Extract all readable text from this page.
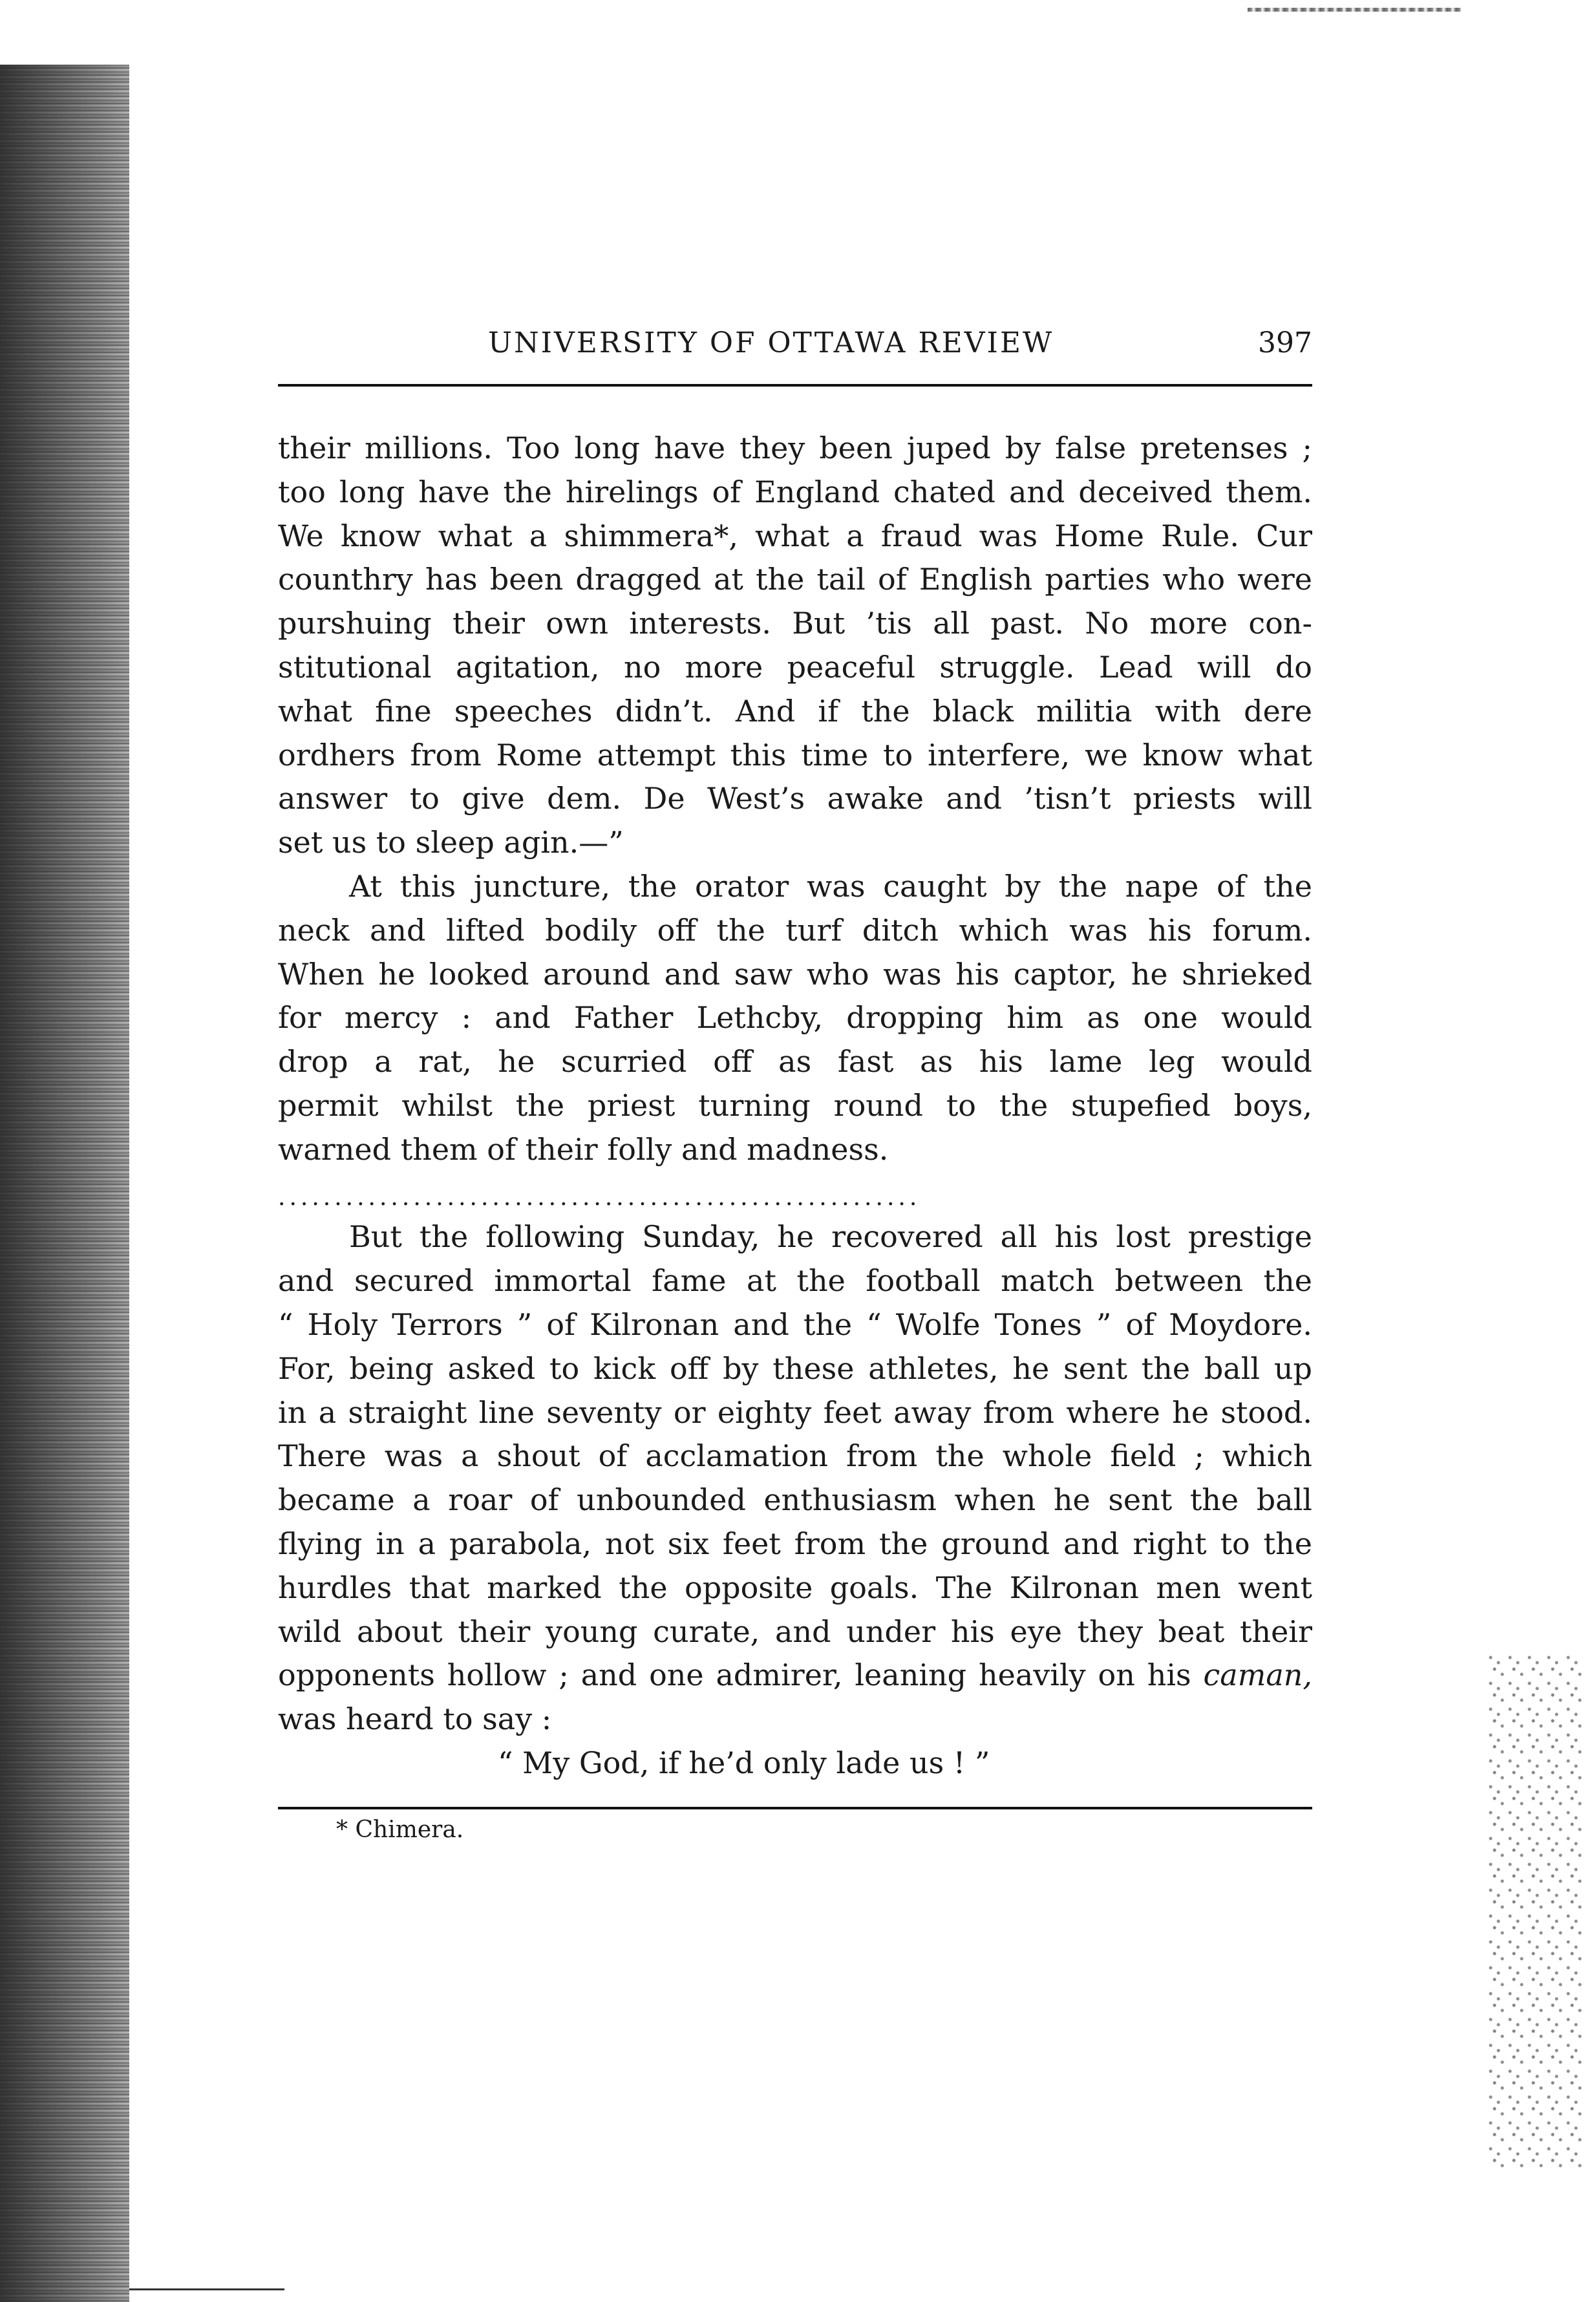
UNIVERSITY OF OTTAWA REVIEW	397
their millions. Too long have they been juped by false pretenses ;
too long have the hirelings of England chated and deceived them.
We know what a shimmera*, what a fraud was Home Rule. Cur
counthry has been dragged at the tail of English parties who were
purshuing their own interests. But ’tis all past. No more con-
stitutional agitation, no more peaceful struggle. Lead will do
what fine speeches didn’t. And if the black militia with dere
ordhers from Rome attempt this time to interfere, we know what
answer to give dem. De West’s awake and ’tisn’t priests will
set us to sleep agin.—”
At this juncture, the orator was caught by the nape of the
neck and lifted bodily off the turf ditch which was his forum.
When he looked around and saw who was his captor, he shrieked
for mercy : and Father Lethсby, dropping him as one would
drop a rat, he scurried off as fast as his lame leg would
permit whilst the priest turning round to the stupefied boys,
warned them of their folly and madness.
.........................................................
But the following Sunday, he recovered all his lost prestige
and secured immortal fame at the football match between the
“ Holy Terrors ” of Kilronan and the “ Wolfe Tones ” of Moydore.
For, being asked to kick off by these athletes, he sent the ball up
in a straight line seventy or eighty feet away from where he stood.
There was a shout of acclamation from the whole field ; which
became a roar of unbounded enthusiasm when he sent the ball
flying in a parabola, not six feet from the ground and right to the
hurdles that marked the opposite goals. The Kilronan men went
wild about their young curate, and under his eye they beat their
opponents hollow ; and one admirer, leaning heavily on his caman,
was heard to say :
“ My God, if he’d only lade us ! ”
* Chimera.
